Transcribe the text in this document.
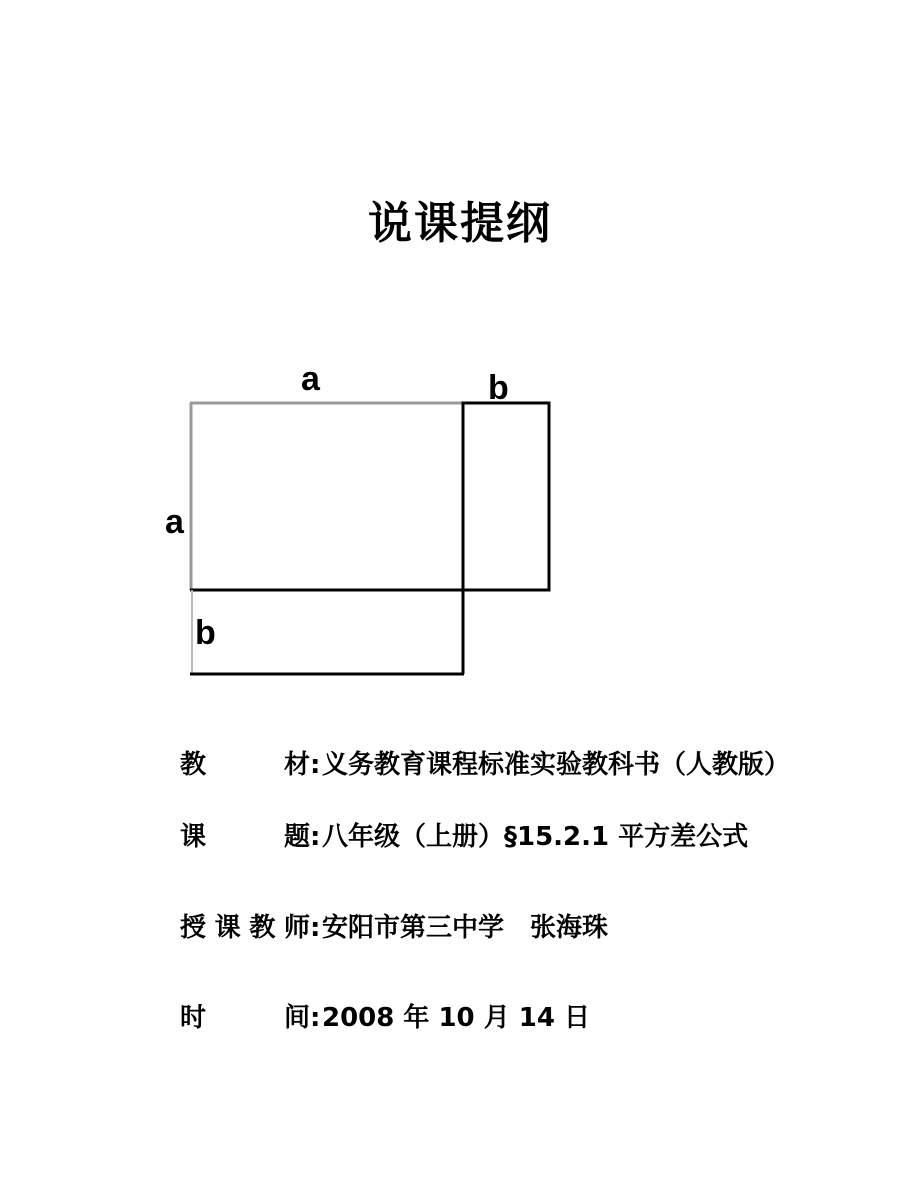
说课提纲
a	b
a
b
教材:义务教育课程标准实验教科书（人教版）
课题:八年级（上册）§15.2.1 平方差公式
授课教师:安阳市第三中学　张海珠
时间:2008 年 10 月 14 日
